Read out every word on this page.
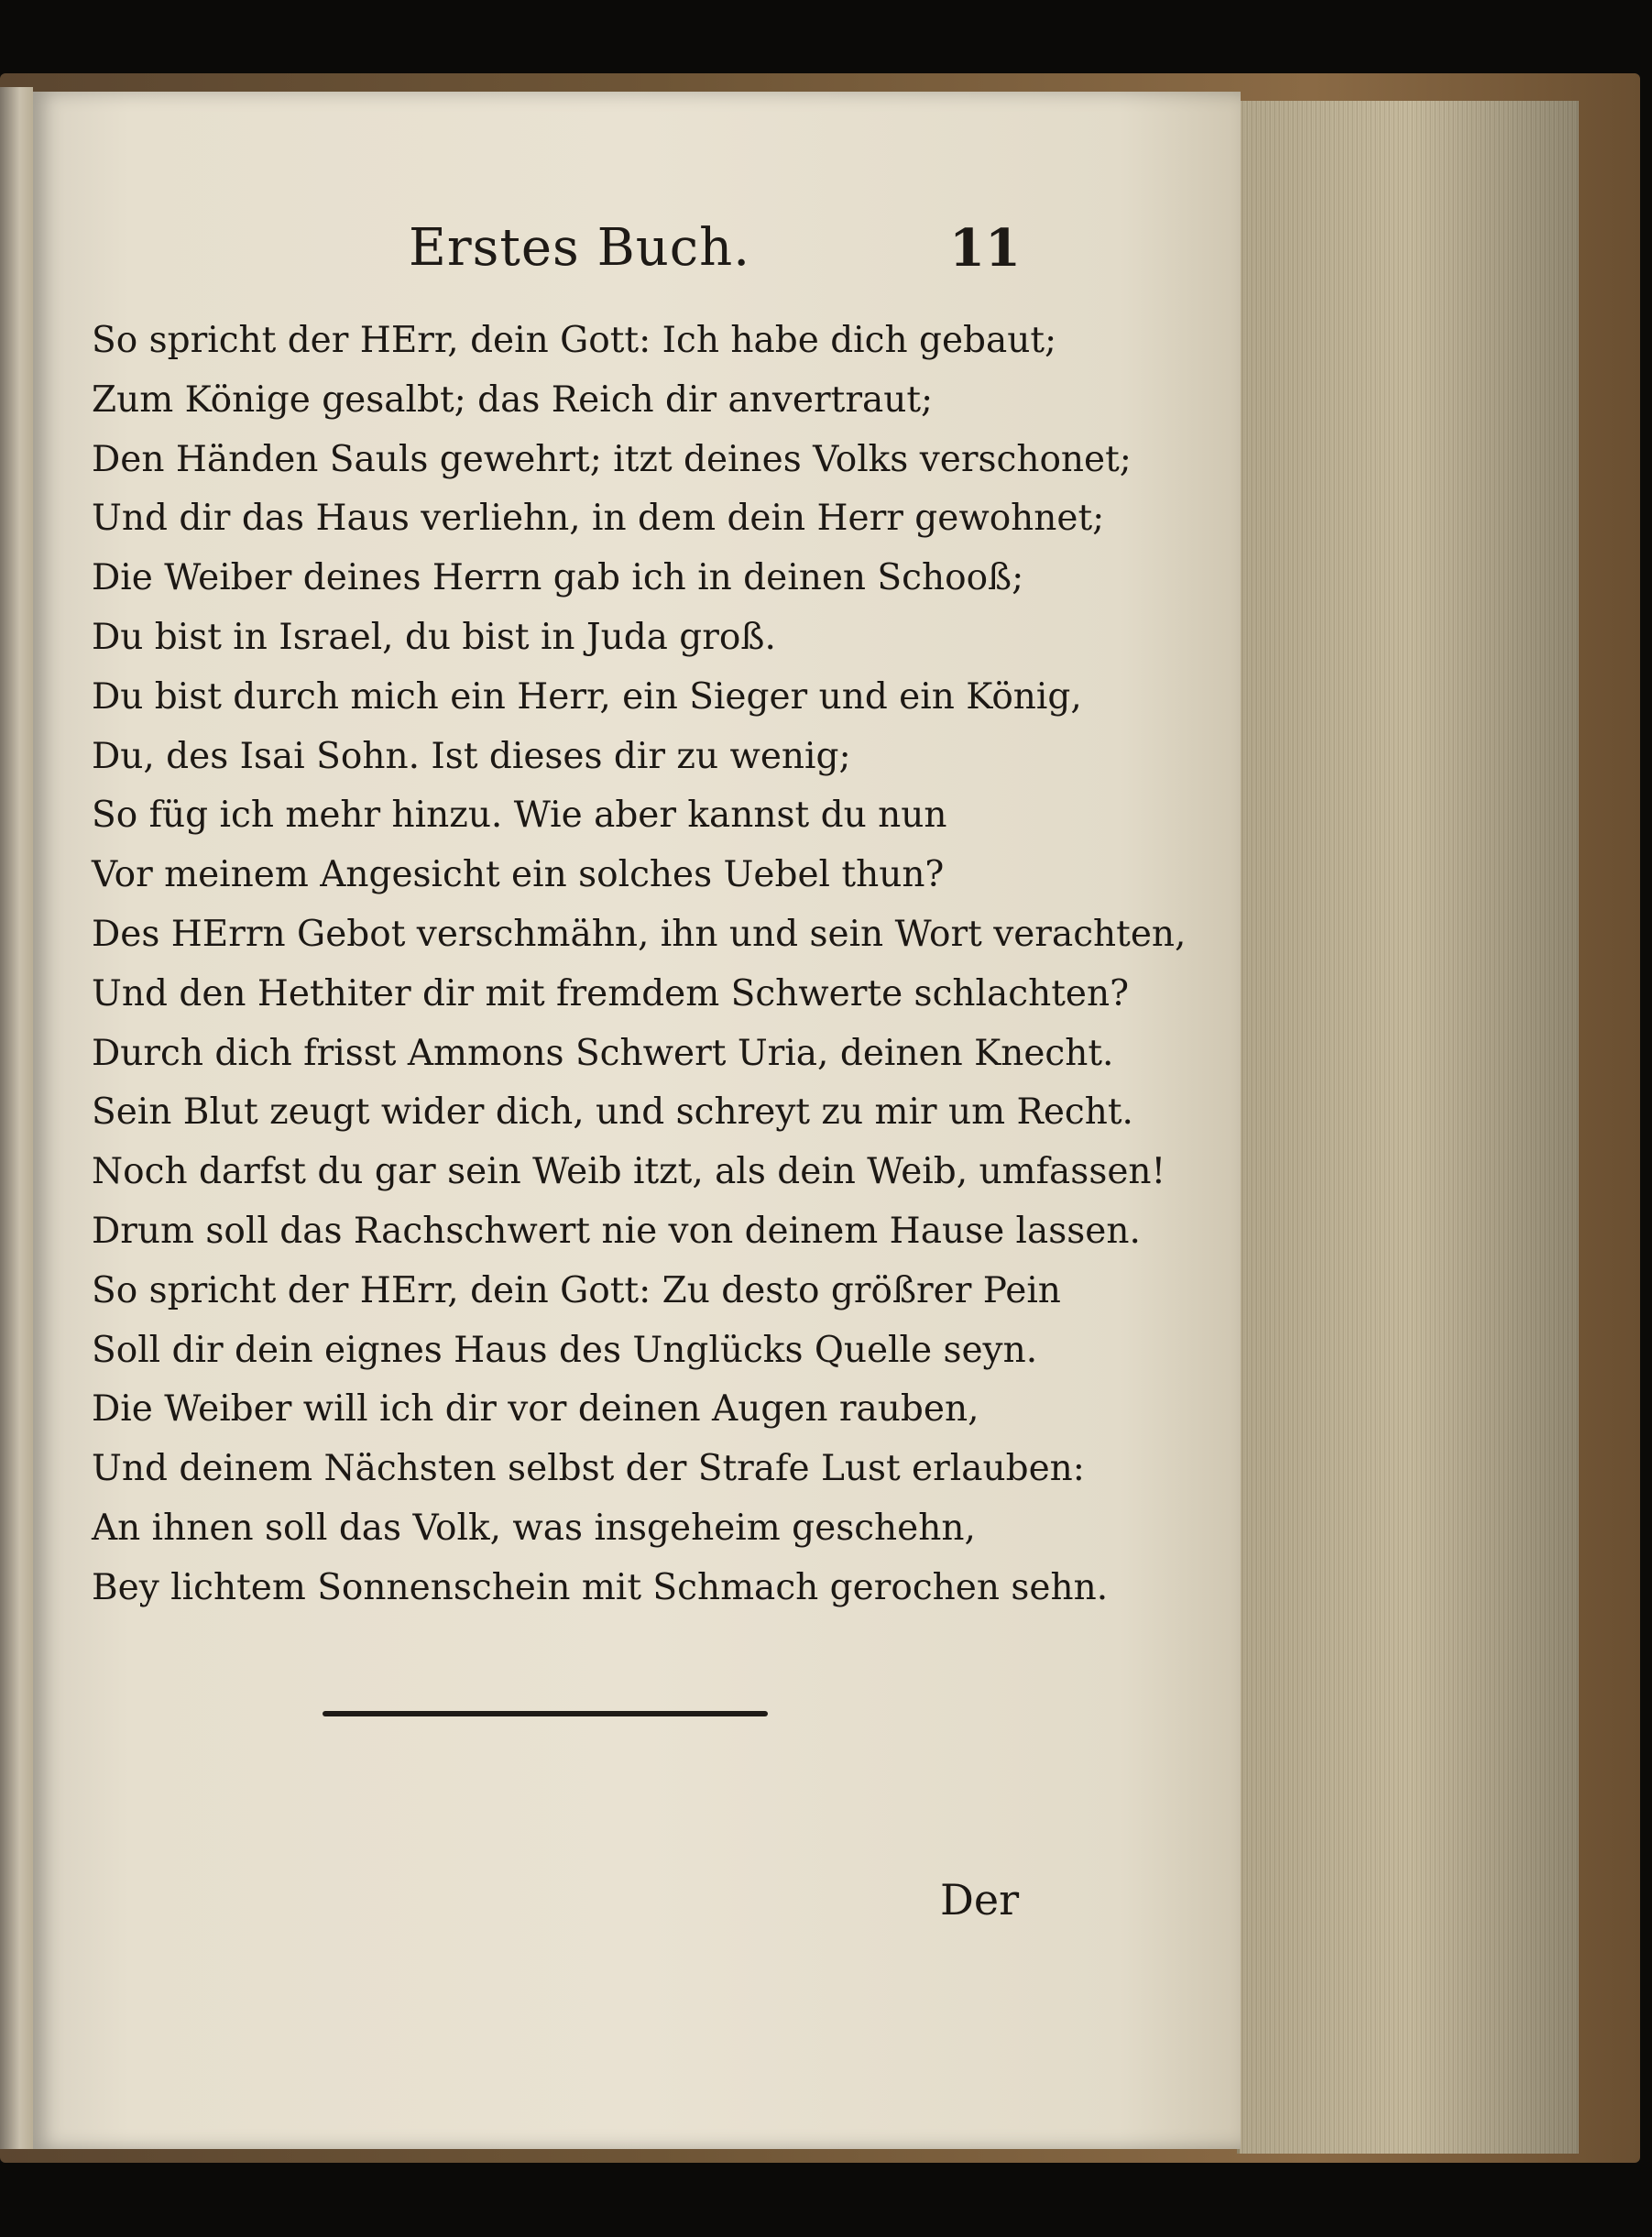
Erstes Buch.	11
So spricht der HErr, dein Gott: Ich habe dich gebaut;
Zum Könige gesalbt; das Reich dir anvertraut;
Den Händen Sauls gewehrt; itzt deines Volks verschonet;
Und dir das Haus verliehn, in dem dein Herr gewohnet;
Die Weiber deines Herrn gab ich in deinen Schooß;
Du bist in Israel, du bist in Juda groß.
Du bist durch mich ein Herr, ein Sieger und ein König,
Du, des Isai Sohn. Ist dieses dir zu wenig;
So füg ich mehr hinzu. Wie aber kannst du nun
Vor meinem Angesicht ein solches Uebel thun?
Des HErrn Gebot verschmähn, ihn und sein Wort verachten,
Und den Hethiter dir mit fremdem Schwerte schlachten?
Durch dich frisst Ammons Schwert Uria, deinen Knecht.
Sein Blut zeugt wider dich, und schreyt zu mir um Recht.
Noch darfst du gar sein Weib itzt, als dein Weib, umfassen!
Drum soll das Rachschwert nie von deinem Hause lassen.
So spricht der HErr, dein Gott: Zu desto größrer Pein
Soll dir dein eignes Haus des Unglücks Quelle seyn.
Die Weiber will ich dir vor deinen Augen rauben,
Und deinem Nächsten selbst der Strafe Lust erlauben:
An ihnen soll das Volk, was insgeheim geschehn,
Bey lichtem Sonnenschein mit Schmach gerochen sehn.
Der
